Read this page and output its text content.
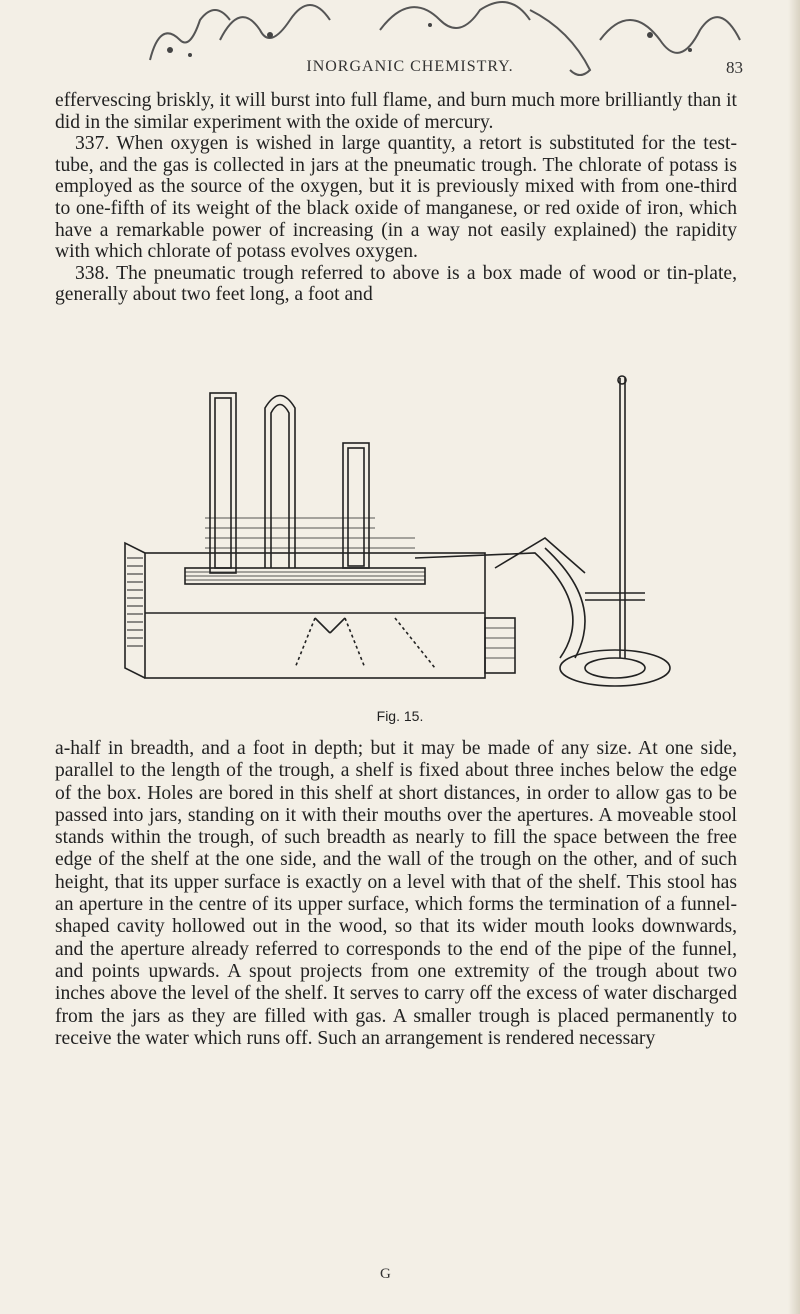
INORGANIC CHEMISTRY.	83

effervescing briskly, it will burst into full flame, and burn much more brilliantly than it did in the similar experiment with the oxide of mercury.

337. When oxygen is wished in large quantity, a retort is substituted for the test-tube, and the gas is collected in jars at the pneumatic trough. The chlorate of potass is employed as the source of the oxygen, but it is previously mixed with from one-third to one-fifth of its weight of the black oxide of manganese, or red oxide of iron, which have a remarkable power of increasing (in a way not easily explained) the rapidity with which chlorate of potass evolves oxygen.

338. The pneumatic trough referred to above is a box made of wood or tin-plate, generally about two feet long, a foot and

Fig. 15.

a-half in breadth, and a foot in depth; but it may be made of any size. At one side, parallel to the length of the trough, a shelf is fixed about three inches below the edge of the box. Holes are bored in this shelf at short distances, in order to allow gas to be passed into jars, standing on it with their mouths over the apertures. A moveable stool stands within the trough, of such breadth as nearly to fill the space between the free edge of the shelf at the one side, and the wall of the trough on the other, and of such height, that its upper surface is exactly on a level with that of the shelf. This stool has an aperture in the centre of its upper surface, which forms the termination of a funnel-shaped cavity hollowed out in the wood, so that its wider mouth looks downwards, and the aperture already referred to corresponds to the end of the pipe of the funnel, and points upwards. A spout projects from one extremity of the trough about two inches above the level of the shelf. It serves to carry off the excess of water discharged from the jars as they are filled with gas. A smaller trough is placed permanently to receive the water which runs off. Such an arrangement is rendered necessary

G
